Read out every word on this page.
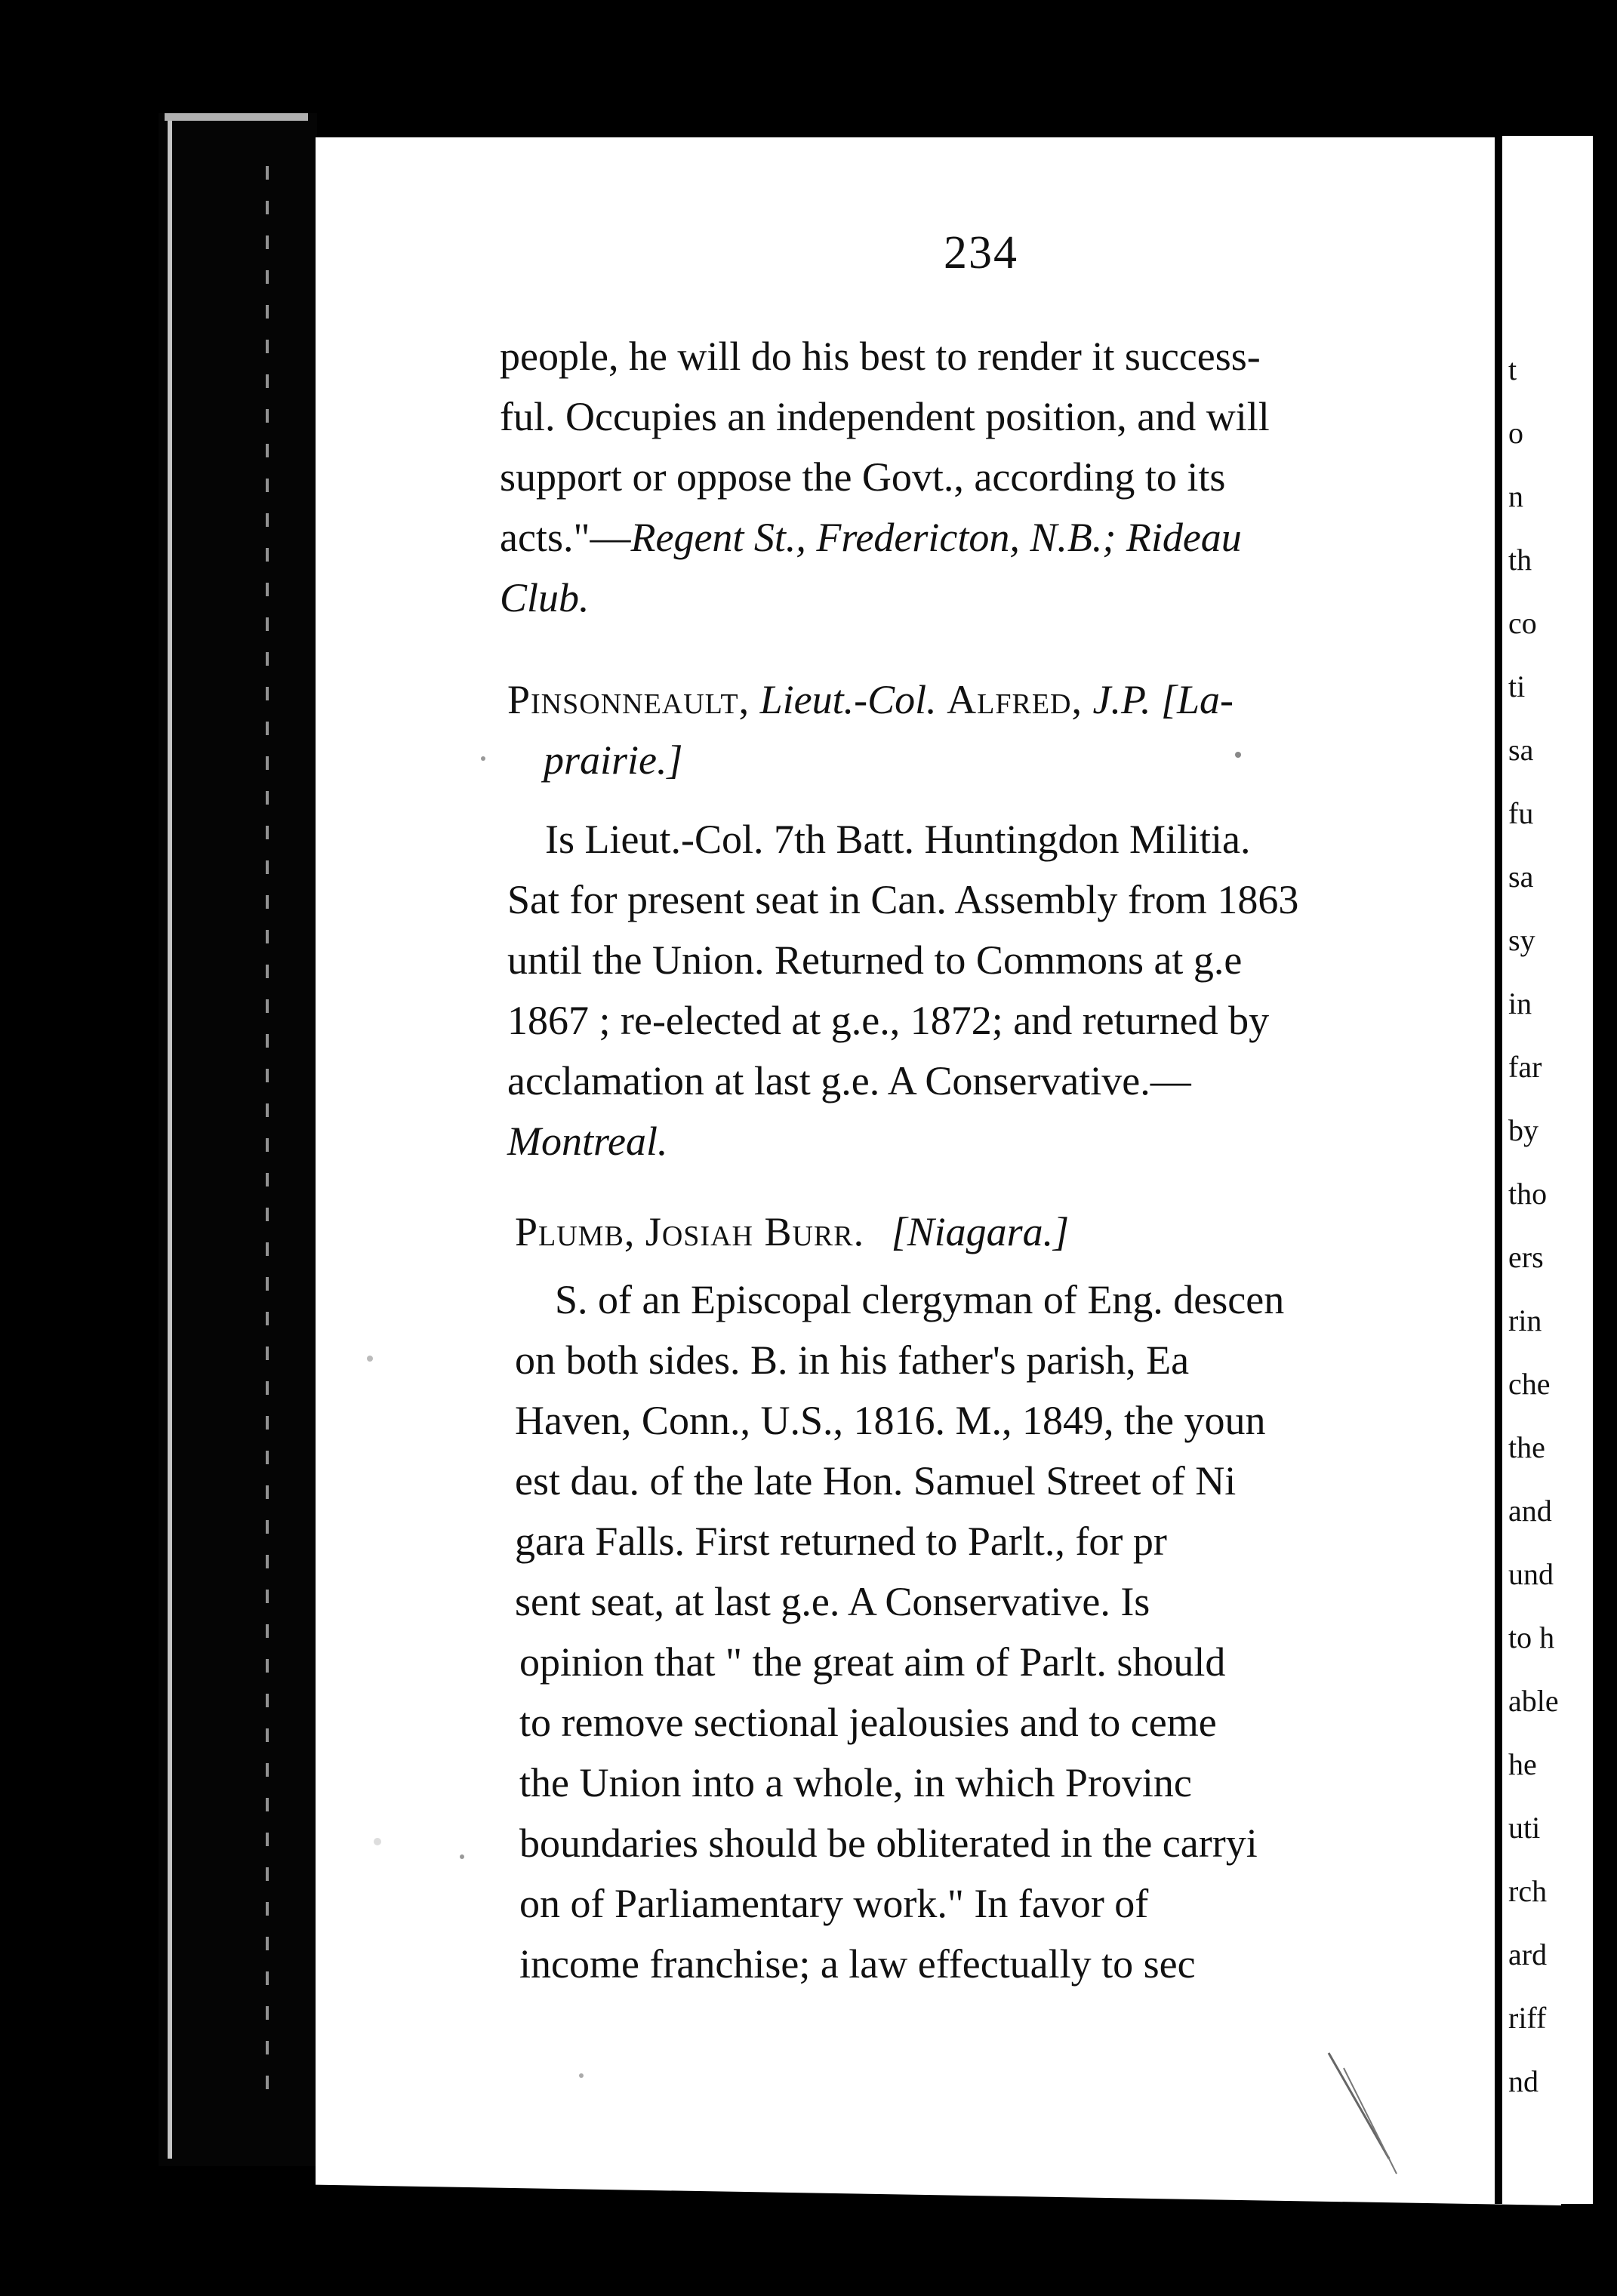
t
o
n
th
co
ti
sa
fu
sa
sy
in
far
by
tho
ers
rin
che
the
and
und
to h
able
he
uti
rch
ard
riff
nd
234
people, he will do his best to render it success-
ful. Occupies an independent position, and will
support or oppose the Govt., according to its
acts."—Regent St., Fredericton, N.B.; Rideau
Club.
Pinsonneault, Lieut.-Col. Alfred, J.P. [La-
prairie.]
Is Lieut.-Col. 7th Batt. Huntingdon Militia.
Sat for present seat in Can. Assembly from 1863
until the Union. Returned to Commons at g.e
1867 ; re-elected at g.e., 1872; and returned by
acclamation at last g.e. A Conservative.—
Montreal.
Plumb, Josiah Burr. [Niagara.]
S. of an Episcopal clergyman of Eng. descen
on both sides. B. in his father's parish, Ea
Haven, Conn., U.S., 1816. M., 1849, the youn
est dau. of the late Hon. Samuel Street of Ni
gara Falls. First returned to Parlt., for pr
sent seat, at last g.e. A Conservative. Is
opinion that " the great aim of Parlt. should
to remove sectional jealousies and to ceme
the Union into a whole, in which Provinc
boundaries should be obliterated in the carryi
on of Parliamentary work." In favor of
income franchise; a law effectually to sec
